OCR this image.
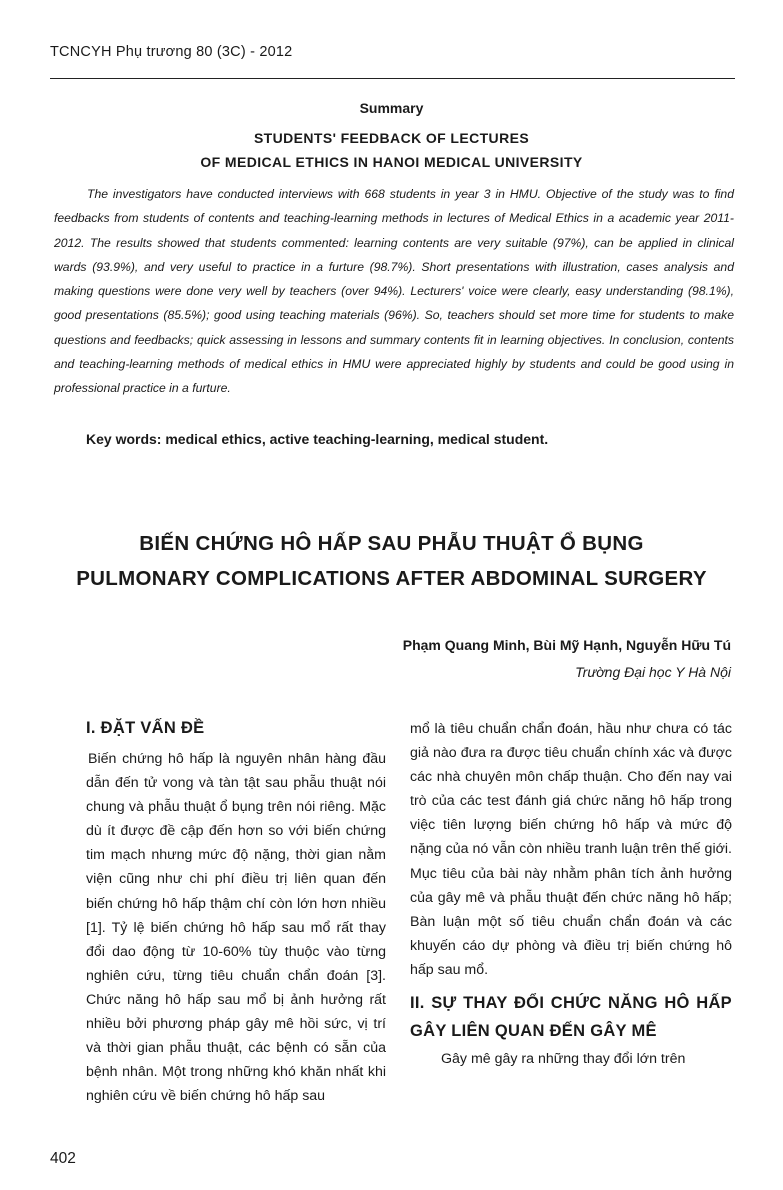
TCNCYH Phụ trương 80 (3C) - 2012
Summary
STUDENTS' FEEDBACK OF LECTURES
OF MEDICAL ETHICS IN HANOI MEDICAL UNIVERSITY

The investigators have conducted interviews with 668 students in year 3 in HMU. Objective of the study was to find feedbacks from students of contents and teaching-learning methods in lectures of Medical Ethics in a academic year 2011-2012. The results showed that students commented: learning contents are very suitable (97%), can be applied in clinical wards (93.9%), and very useful to practice in a furture (98.7%). Short presentations with illustration, cases analysis and making questions were done very well by teachers (over 94%). Lecturers' voice were clearly, easy understanding (98.1%), good presentations (85.5%); good using teaching materials (96%). So, teachers should set more time for students to make questions and feedbacks; quick assessing in lessons and summary contents fit in learning objectives. In conclusion, contents and teaching-learning methods of medical ethics in HMU were appreciated highly by students and could be good using in professional practice in a furture.

Key words: medical ethics, active teaching-learning, medical student.
BIẾN CHỨNG HÔ HẤP SAU PHẪU THUẬT Ổ BỤNG
PULMONARY COMPLICATIONS AFTER ABDOMINAL SURGERY
Phạm Quang Minh, Bùi Mỹ Hạnh, Nguyễn Hữu Tú
Trường Đại học Y Hà Nội
I. ĐẶT VẤN ĐỀ

Biến chứng hô hấp là nguyên nhân hàng đầu dẫn đến tử vong và tàn tật sau phẫu thuật nói chung và phẫu thuật ổ bụng trên nói riêng. Mặc dù ít được đề cập đến hơn so với biến chứng tim mạch nhưng mức độ nặng, thời gian nằm viện cũng như chi phí điều trị liên quan đến biến chứng hô hấp thậm chí còn lớn hơn nhiều [1]. Tỷ lệ biến chứng hô hấp sau mổ rất thay đổi dao động từ 10-60% tùy thuộc vào từng nghiên cứu, từng tiêu chuẩn chẩn đoán [3]. Chức năng hô hấp sau mổ bị ảnh hưởng rất nhiều bởi phương pháp gây mê hồi sức, vị trí và thời gian phẫu thuật, các bệnh có sẵn của bệnh nhân. Một trong những khó khăn nhất khi nghiên cứu về biến chứng hô hấp sau

mổ là tiêu chuẩn chẩn đoán, hầu như chưa có tác giả nào đưa ra được tiêu chuẩn chính xác và được các nhà chuyên môn chấp thuận. Cho đến nay vai trò của các test đánh giá chức năng hô hấp trong việc tiên lượng biến chứng hô hấp và mức độ nặng của nó vẫn còn nhiều tranh luận trên thế giới. Mục tiêu của bài này nhằm phân tích ảnh hưởng của gây mê và phẫu thuật đến chức năng hô hấp; Bàn luận một số tiêu chuẩn chẩn đoán và các khuyến cáo dự phòng và điều trị biến chứng hô hấp sau mổ.

II. SỰ THAY ĐỔI CHỨC NĂNG HÔ HẤP GÂY LIÊN QUAN ĐẾN GÂY MÊ

Gây mê gây ra những thay đổi lớn trên

402
